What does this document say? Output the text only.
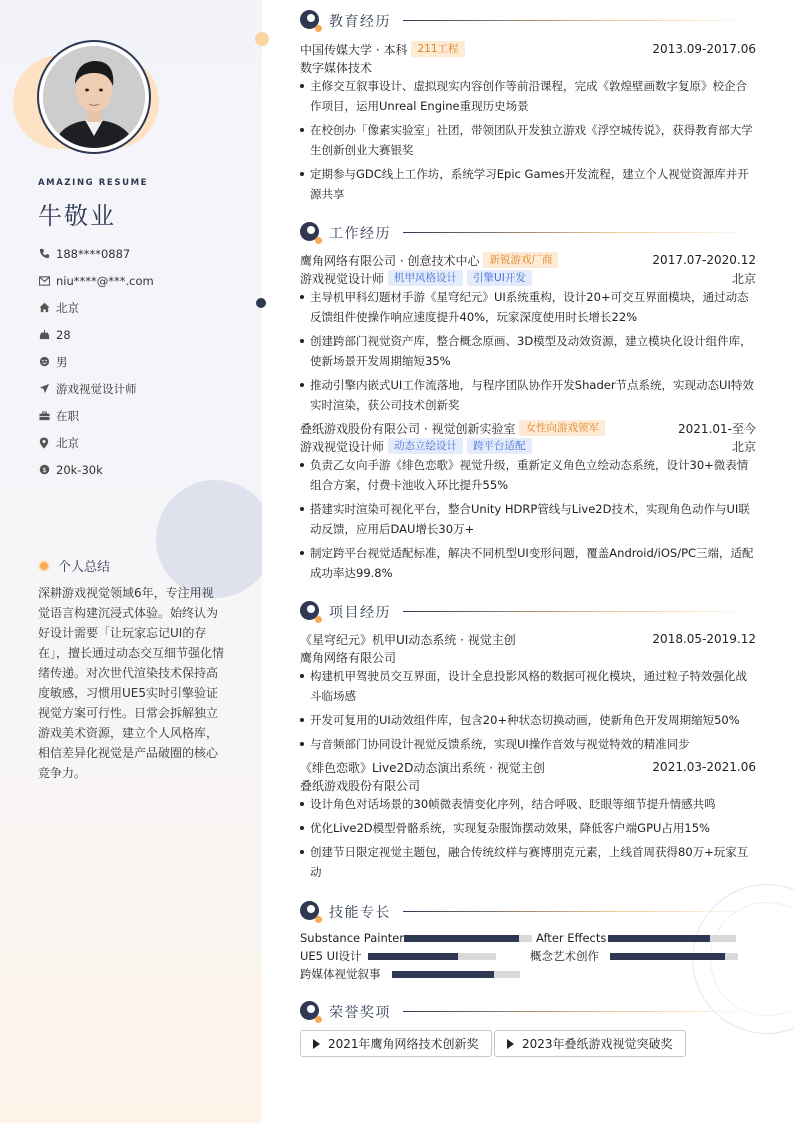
AMAZING RESUME
牛敬业
188****0887
niu****@***.com
北京
28
男
游戏视觉设计师
在职
北京
$ 20k-30k
个人总结
深耕游戏视觉领域6年，专注用视觉语言构建沉浸式体验。始终认为好设计需要「让玩家忘记UI的存在」，擅长通过动态交互细节强化情绪传递。对次世代渲染技术保持高度敏感，习惯用UE5实时引擎验证视觉方案可行性。日常会拆解独立游戏美术资源，建立个人风格库，相信差异化视觉是产品破圈的核心竞争力。
教育经历
中国传媒大学 · 本科 211工程	2013.09-2017.06
数字媒体技术
主修交互叙事设计、虚拟现实内容创作等前沿课程，完成《敦煌壁画数字复原》校企合作项目，运用Unreal Engine重现历史场景
在校创办「像素实验室」社团，带领团队开发独立游戏《浮空城传说》，获得教育部大学生创新创业大赛银奖
定期参与GDC线上工作坊，系统学习Epic Games开发流程，建立个人视觉资源库并开源共享
工作经历
鹰角网络有限公司 · 创意技术中心 新锐游戏厂商	2017.07-2020.12
游戏视觉设计师 机甲风格设计	引擎UI开发	北京
主导机甲科幻题材手游《星穹纪元》UI系统重构，设计20+可交互界面模块，通过动态反馈组件使操作响应速度提升40%，玩家深度使用时长增长22%
创建跨部门视觉资产库，整合概念原画、3D模型及动效资源，建立模块化设计组件库，使新场景开发周期缩短35%
推动引擎内嵌式UI工作流落地，与程序团队协作开发Shader节点系统，实现动态UI特效实时渲染，获公司技术创新奖
叠纸游戏股份有限公司 · 视觉创新实验室 女性向游戏领军	2021.01-至今
游戏视觉设计师 动态立绘设计	跨平台适配	北京
负责乙女向手游《绯色恋歌》视觉升级，重新定义角色立绘动态系统，设计30+微表情组合方案，付费卡池收入环比提升55%
搭建实时渲染可视化平台，整合Unity HDRP管线与Live2D技术，实现角色动作与UI联动反馈，应用后DAU增长30万+
制定跨平台视觉适配标准，解决不同机型UI变形问题，覆盖Android/iOS/PC三端，适配成功率达99.8%
项目经历
《星穹纪元》机甲UI动态系统 · 视觉主创	2018.05-2019.12
鹰角网络有限公司
构建机甲驾驶员交互界面，设计全息投影风格的数据可视化模块，通过粒子特效强化战斗临场感
开发可复用的UI动效组件库，包含20+种状态切换动画，使新角色开发周期缩短50%
与音频部门协同设计视觉反馈系统，实现UI操作音效与视觉特效的精准同步
《绯色恋歌》Live2D动态演出系统 · 视觉主创	2021.03-2021.06
叠纸游戏股份有限公司
设计角色对话场景的30帧微表情变化序列，结合呼吸、眨眼等细节提升情感共鸣
优化Live2D模型骨骼系统，实现复杂服饰摆动效果，降低客户端GPU占用15%
创建节日限定视觉主题包，融合传统纹样与赛博朋克元素，上线首周获得80万+玩家互动
技能专长
Substance Painter	After Effects
UE5 UI设计	概念艺术创作
跨媒体视觉叙事
荣誉奖项
2021年鹰角网络技术创新奖	2023年叠纸游戏视觉突破奖
